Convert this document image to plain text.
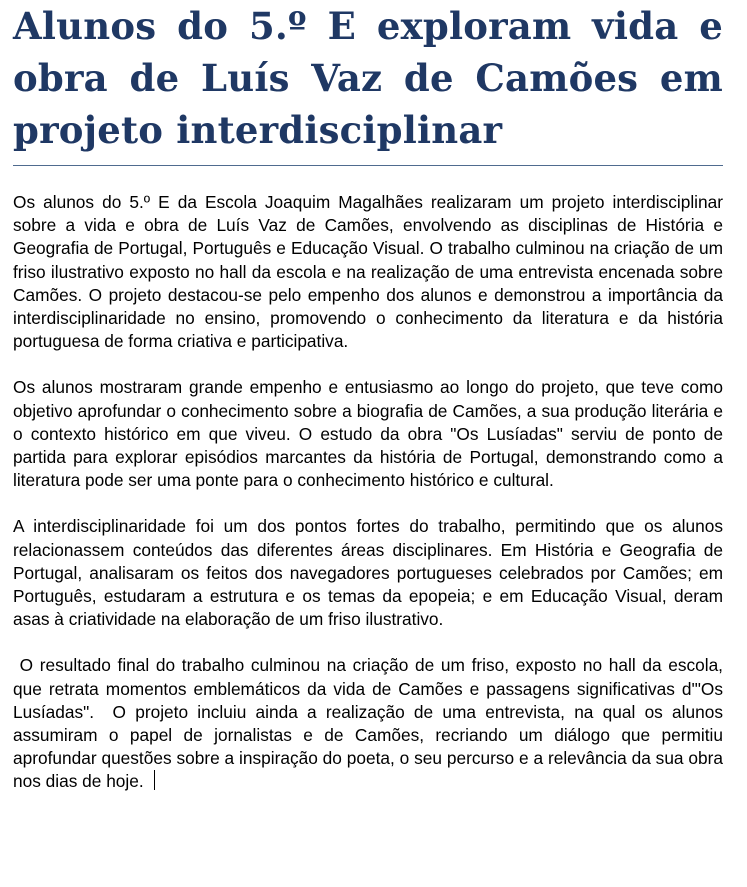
Alunos do 5.º E exploram vida e obra de Luís Vaz de Camões em projeto interdisciplinar

Os alunos do 5.º E da Escola Joaquim Magalhães realizaram um projeto interdisciplinar sobre a vida e obra de Luís Vaz de Camões, envolvendo as disciplinas de História e Geografia de Portugal, Português e Educação Visual. O trabalho culminou na criação de um friso ilustrativo exposto no hall da escola e na realização de uma entrevista encenada sobre Camões. O projeto destacou-se pelo empenho dos alunos e demonstrou a importância da interdisciplinaridade no ensino, promovendo o conhecimento da literatura e da história portuguesa de forma criativa e participativa.

Os alunos mostraram grande empenho e entusiasmo ao longo do projeto, que teve como objetivo aprofundar o conhecimento sobre a biografia de Camões, a sua produção literária e o contexto histórico em que viveu. O estudo da obra "Os Lusíadas" serviu de ponto de partida para explorar episódios marcantes da história de Portugal, demonstrando como a literatura pode ser uma ponte para o conhecimento histórico e cultural.

A interdisciplinaridade foi um dos pontos fortes do trabalho, permitindo que os alunos relacionassem conteúdos das diferentes áreas disciplinares. Em História e Geografia de Portugal, analisaram os feitos dos navegadores portugueses celebrados por Camões; em Português, estudaram a estrutura e os temas da epopeia; e em Educação Visual, deram asas à criatividade na elaboração de um friso ilustrativo.

O resultado final do trabalho culminou na criação de um friso, exposto no hall da escola, que retrata momentos emblemáticos da vida de Camões e passagens significativas d'"Os Lusíadas".  O projeto incluiu ainda a realização de uma entrevista, na qual os alunos assumiram o papel de jornalistas e de Camões, recriando um diálogo que permitiu aprofundar questões sobre a inspiração do poeta, o seu percurso e a relevância da sua obra nos dias de hoje.
